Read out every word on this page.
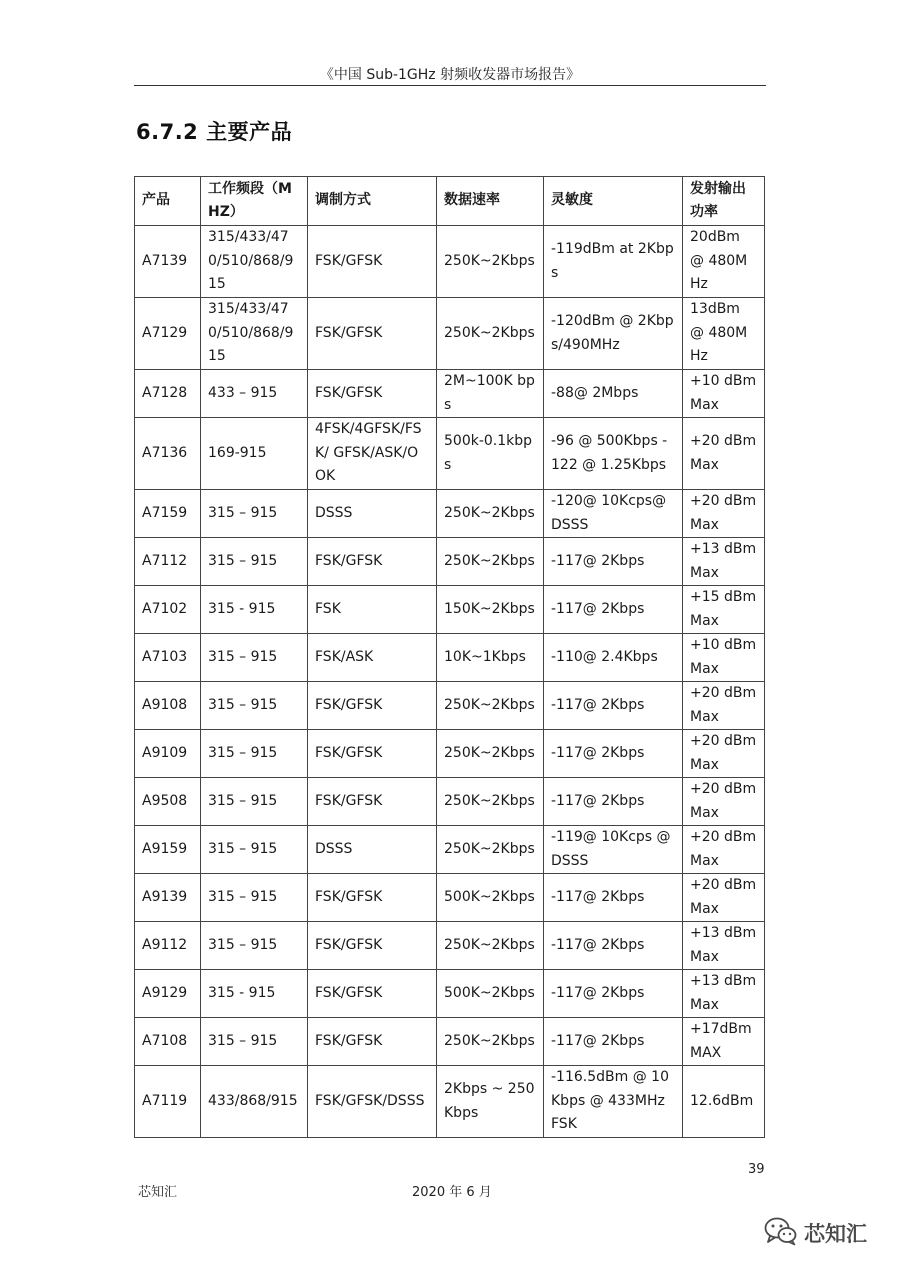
《中国 Sub-1GHz 射频收发器市场报告》
6.7.2 主要产品
产品	工作频段（MHZ）	调制方式	数据速率	灵敏度	发射输出功率
A7139	315/433/470/510/868/915	FSK/GFSK	250K~2Kbps	-119dBm at 2Kbps	20dBm @ 480MHz
A7129	315/433/470/510/868/915	FSK/GFSK	250K~2Kbps	-120dBm @ 2Kbps/490MHz	13dBm @ 480MHz
A7128	433 – 915	FSK/GFSK	2M~100K bps	-88@ 2Mbps	+10 dBm Max
A7136	169-915	4FSK/4GFSK/FSK/ GFSK/ASK/OOK	500k-0.1kbps	-96 @ 500Kbps -122 @ 1.25Kbps	+20 dBm Max
A7159	315 – 915	DSSS	250K~2Kbps	-120@ 10Kcps@ DSSS	+20 dBm Max
A7112	315 – 915	FSK/GFSK	250K~2Kbps	-117@ 2Kbps	+13 dBm Max
A7102	315 - 915	FSK	150K~2Kbps	-117@ 2Kbps	+15 dBm Max
A7103	315 – 915	FSK/ASK	10K~1Kbps	-110@ 2.4Kbps	+10 dBm Max
A9108	315 – 915	FSK/GFSK	250K~2Kbps	-117@ 2Kbps	+20 dBm Max
A9109	315 – 915	FSK/GFSK	250K~2Kbps	-117@ 2Kbps	+20 dBm Max
A9508	315 – 915	FSK/GFSK	250K~2Kbps	-117@ 2Kbps	+20 dBm Max
A9159	315 – 915	DSSS	250K~2Kbps	-119@ 10Kcps @ DSSS	+20 dBm Max
A9139	315 – 915	FSK/GFSK	500K~2Kbps	-117@ 2Kbps	+20 dBm Max
A9112	315 – 915	FSK/GFSK	250K~2Kbps	-117@ 2Kbps	+13 dBm Max
A9129	315 - 915	FSK/GFSK	500K~2Kbps	-117@ 2Kbps	+13 dBm Max
A7108	315 – 915	FSK/GFSK	250K~2Kbps	-117@ 2Kbps	+17dBm MAX
A7119	433/868/915	FSK/GFSK/DSSS	2Kbps ~ 250Kbps	-116.5dBm @ 10Kbps @ 433MHz FSK	12.6dBm
39
芯知汇	2020 年 6 月
芯知汇
